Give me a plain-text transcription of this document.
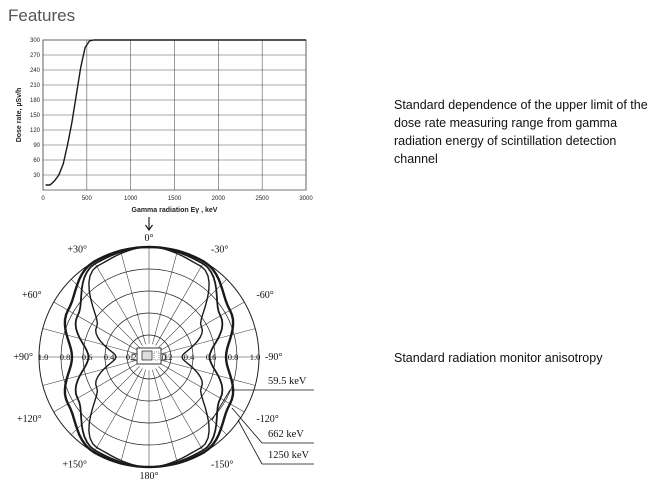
Features
30
60
90
120
150
180
210
240
270
300
0	500	1000	1500	2000	2500	3000
Gamma radiation Eγ , keV
Dose rate, µSv/h
0°
-30°
-60°
-90°
-120°
-150°
180°
+150°
+120°
+90°
+60°
+30°
1.0 0.8 0.6 0.4 0.2	0.2 0.4 0.6 0.8 1.0
59.5 keV
662 keV
1250 keV
Standard dependence of the upper limit of the dose rate measuring range from gamma radiation energy of scintillation detection channel
Standard radiation monitor anisotropy
